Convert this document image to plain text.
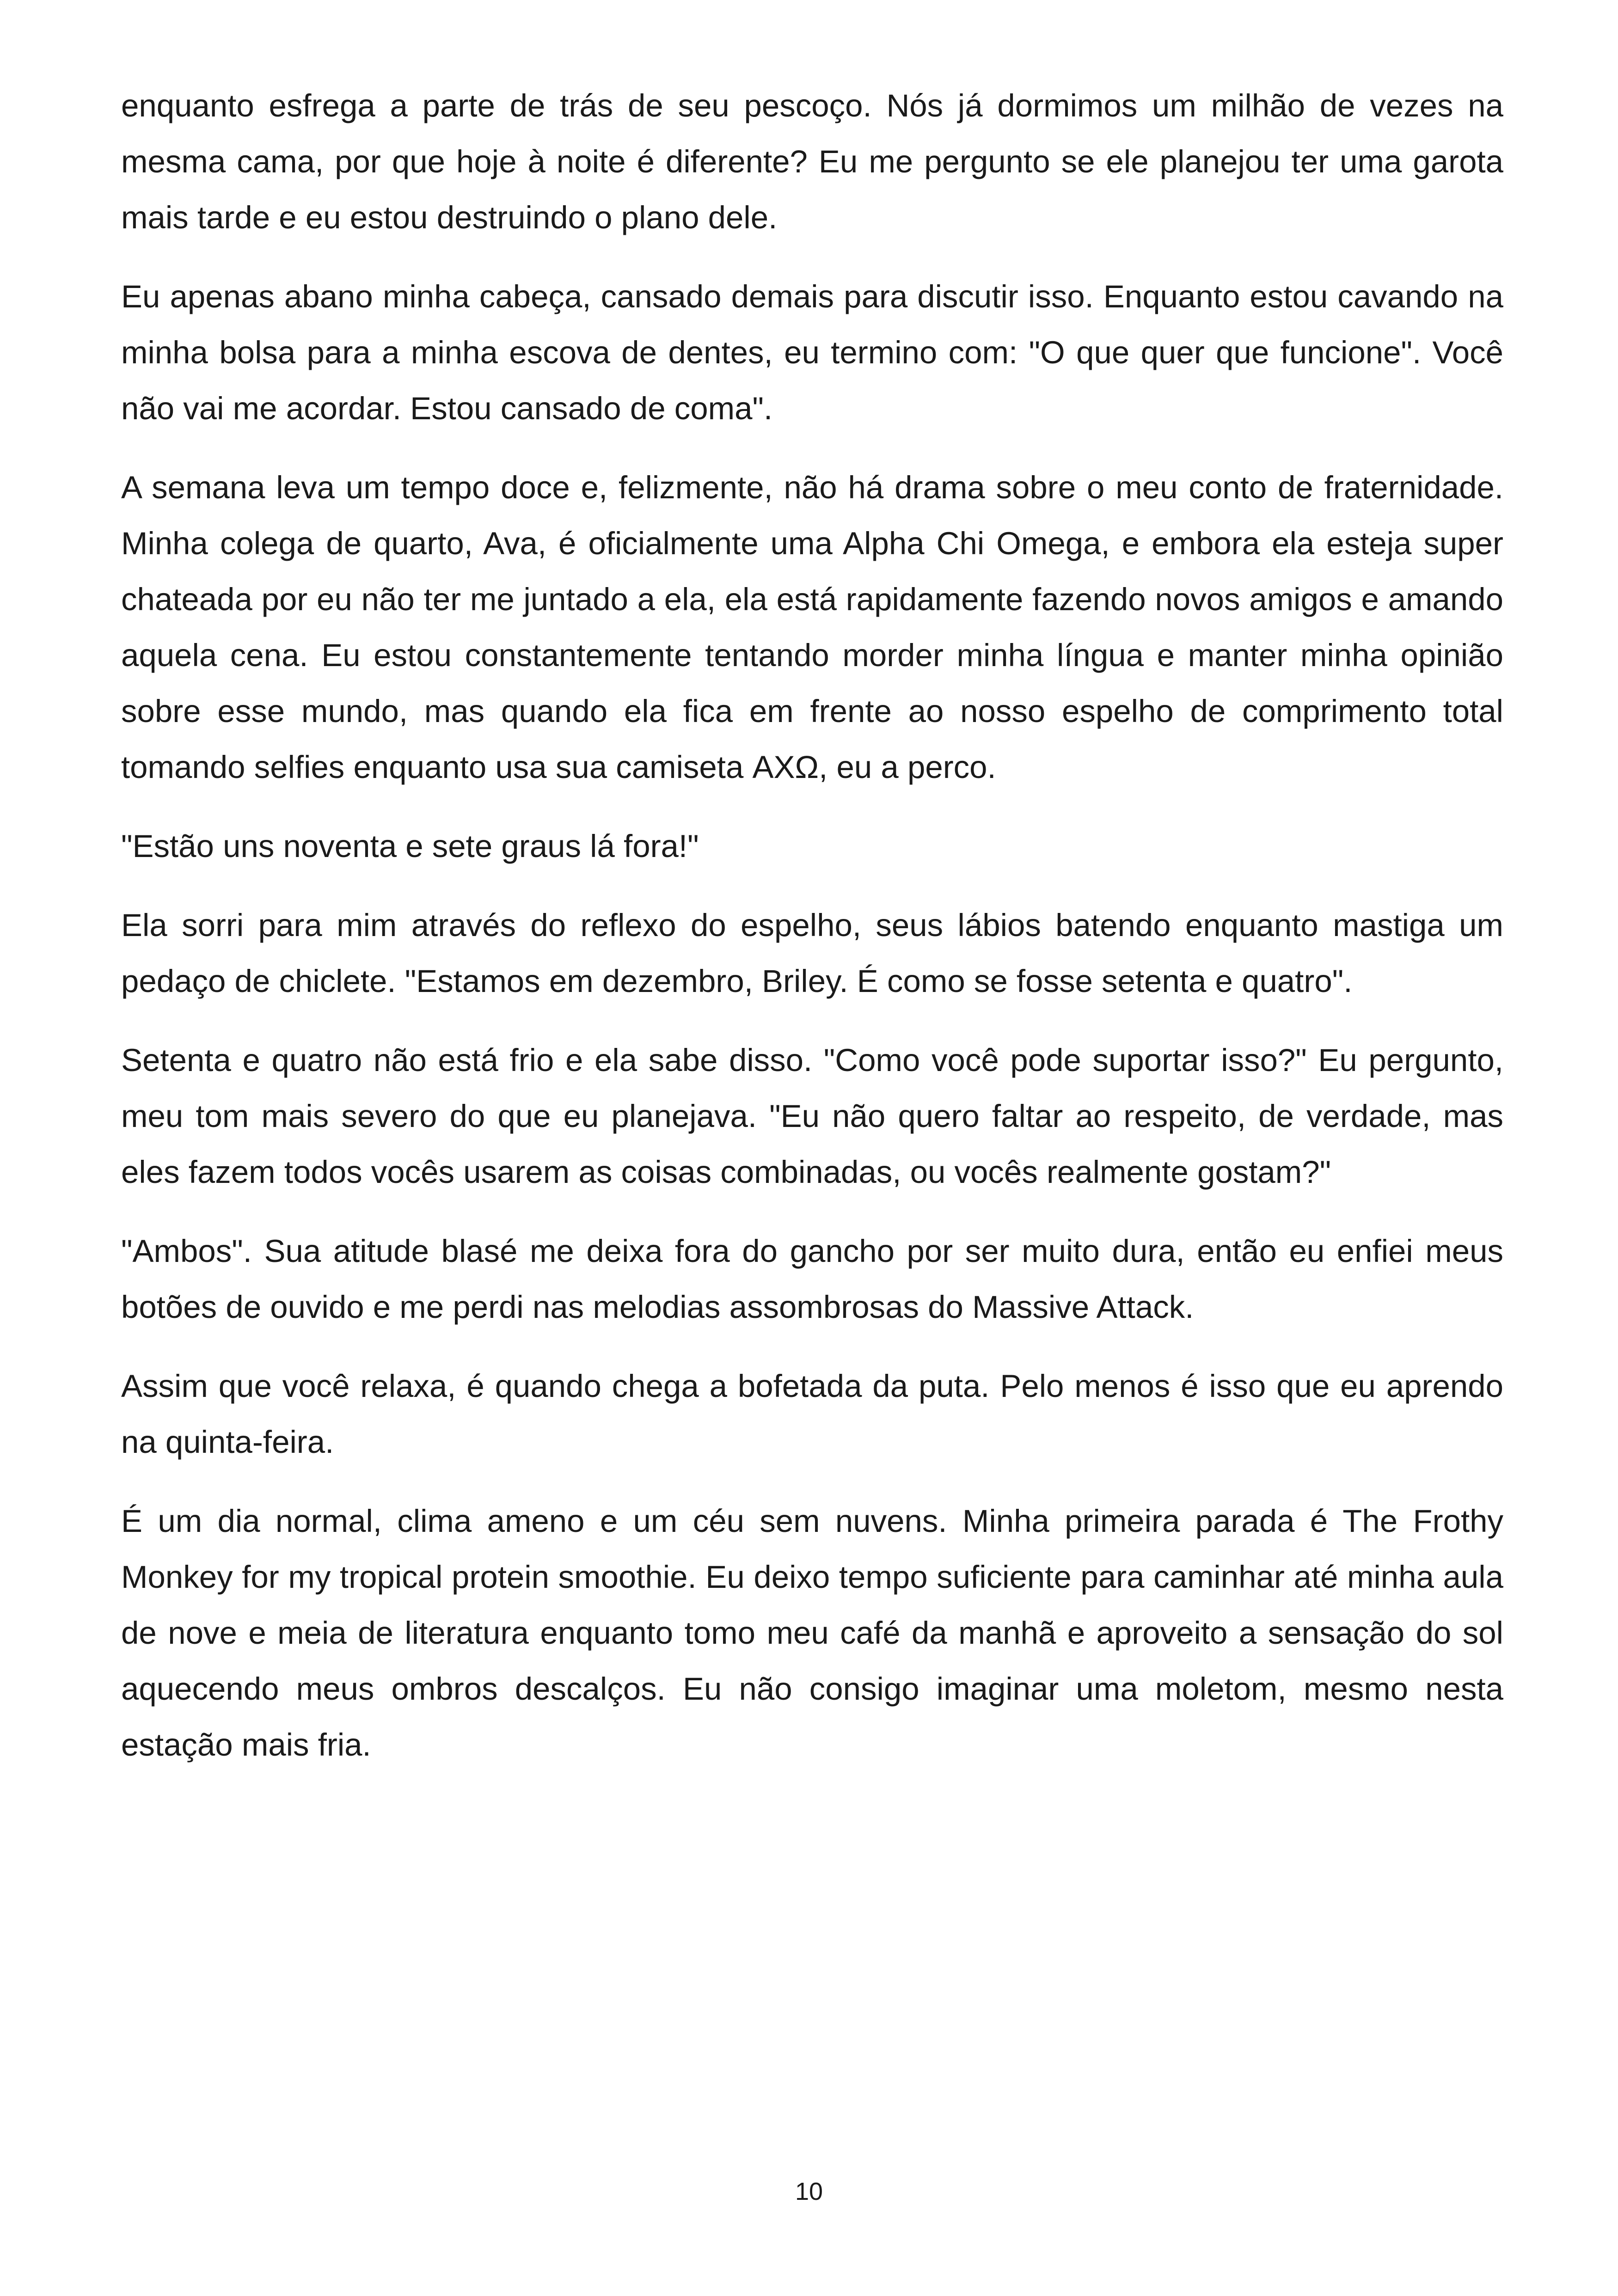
enquanto esfrega a parte de trás de seu pescoço. Nós já dormimos um milhão de vezes na mesma cama, por que hoje à noite é diferente? Eu me pergunto se ele planejou ter uma garota mais tarde e eu estou destruindo o plano dele.

Eu apenas abano minha cabeça, cansado demais para discutir isso. Enquanto estou cavando na minha bolsa para a minha escova de dentes, eu termino com: "O que quer que funcione". Você não vai me acordar. Estou cansado de coma".

A semana leva um tempo doce e, felizmente, não há drama sobre o meu conto de fraternidade. Minha colega de quarto, Ava, é oficialmente uma Alpha Chi Omega, e embora ela esteja super chateada por eu não ter me juntado a ela, ela está rapidamente fazendo novos amigos e amando aquela cena. Eu estou constantemente tentando morder minha língua e manter minha opinião sobre esse mundo, mas quando ela fica em frente ao nosso espelho de comprimento total tomando selfies enquanto usa sua camiseta ΑΧΩ, eu a perco.

"Estão uns noventa e sete graus lá fora!"

Ela sorri para mim através do reflexo do espelho, seus lábios batendo enquanto mastiga um pedaço de chiclete. "Estamos em dezembro, Briley. É como se fosse setenta e quatro".

Setenta e quatro não está frio e ela sabe disso. "Como você pode suportar isso?" Eu pergunto, meu tom mais severo do que eu planejava. "Eu não quero faltar ao respeito, de verdade, mas eles fazem todos vocês usarem as coisas combinadas, ou vocês realmente gostam?"

"Ambos". Sua atitude blasé me deixa fora do gancho por ser muito dura, então eu enfiei meus botões de ouvido e me perdi nas melodias assombrosas do Massive Attack.

Assim que você relaxa, é quando chega a bofetada da puta. Pelo menos é isso que eu aprendo na quinta-feira.

É um dia normal, clima ameno e um céu sem nuvens. Minha primeira parada é The Frothy Monkey for my tropical protein smoothie. Eu deixo tempo suficiente para caminhar até minha aula de nove e meia de literatura enquanto tomo meu café da manhã e aproveito a sensação do sol aquecendo meus ombros descalços. Eu não consigo imaginar uma moletom, mesmo nesta estação mais fria.

10
